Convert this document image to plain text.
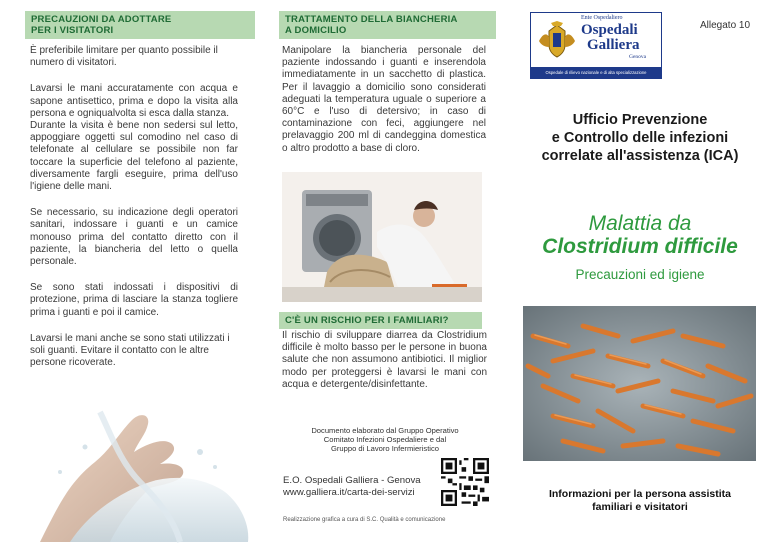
PRECAUZIONI DA ADOTTARE
PER I VISITATORI

È preferibile limitare per quanto possibile il numero di visitatori.

Lavarsi le mani accuratamente con acqua e sapone antisettico, prima e dopo la visita alla persona e ogniqualvolta si esca dalla stanza.

Durante la visita è bene non sedersi sul letto, appoggiare oggetti sul comodino nel caso di telefonate al cellulare se possibile non far toccare la superficie del telefono al paziente, diversamente fargli eseguire, prima dell'uso l'igiene delle mani.

Se necessario, su indicazione degli operatori sanitari, indossare i guanti e un camice monouso prima del contatto diretto con il paziente, la biancheria del letto o quella personale.

Se sono stati indossati i dispositivi di protezione, prima di lasciare la stanza togliere prima i guanti e poi il camice.

Lavarsi le mani anche se sono stati utilizzati i soli guanti. Evitare il contatto con le altre persone ricoverate.

TRATTAMENTO DELLA BIANCHERIA
A DOMICILIO

Manipolare la biancheria personale del paziente indossando i guanti e inserendola immediatamente in un sacchetto di plastica. Per il lavaggio a domicilio sono considerati adeguati la temperatura uguale o superiore a 60°C e l'uso di detersivo; in caso di contaminazione con feci, aggiungere nel prelavaggio 200 ml di candeggina domestica o altro prodotto a base di cloro.

C'È UN RISCHIO PER I FAMILIARI?

Il rischio di sviluppare diarrea da Clostridium difficile è molto basso per le persone in buona salute che non assumono antibiotici. Il miglior modo per proteggersi è lavarsi le mani con acqua e detergente/disinfettante.

Documento elaborato dal Gruppo Operativo
Comitato Infezioni Ospedaliere e dal
Gruppo di Lavoro Infermieristico
E.O. Ospedali Galliera - Genova
www.galliera.it/carta-dei-servizi
Realizzazione grafica a cura di S.C. Qualità e comunicazione
Ente Ospedaliero
Ospedali
Galliera
Genova
Ospedale di rilievo nazionale e di alta specializzazione
Allegato 10
Ufficio Prevenzione
e Controllo delle infezioni
correlate all'assistenza (ICA)
Malattia da
Clostridium difficile
Precauzioni ed igiene
Informazioni per la persona assistita
familiari e visitatori
